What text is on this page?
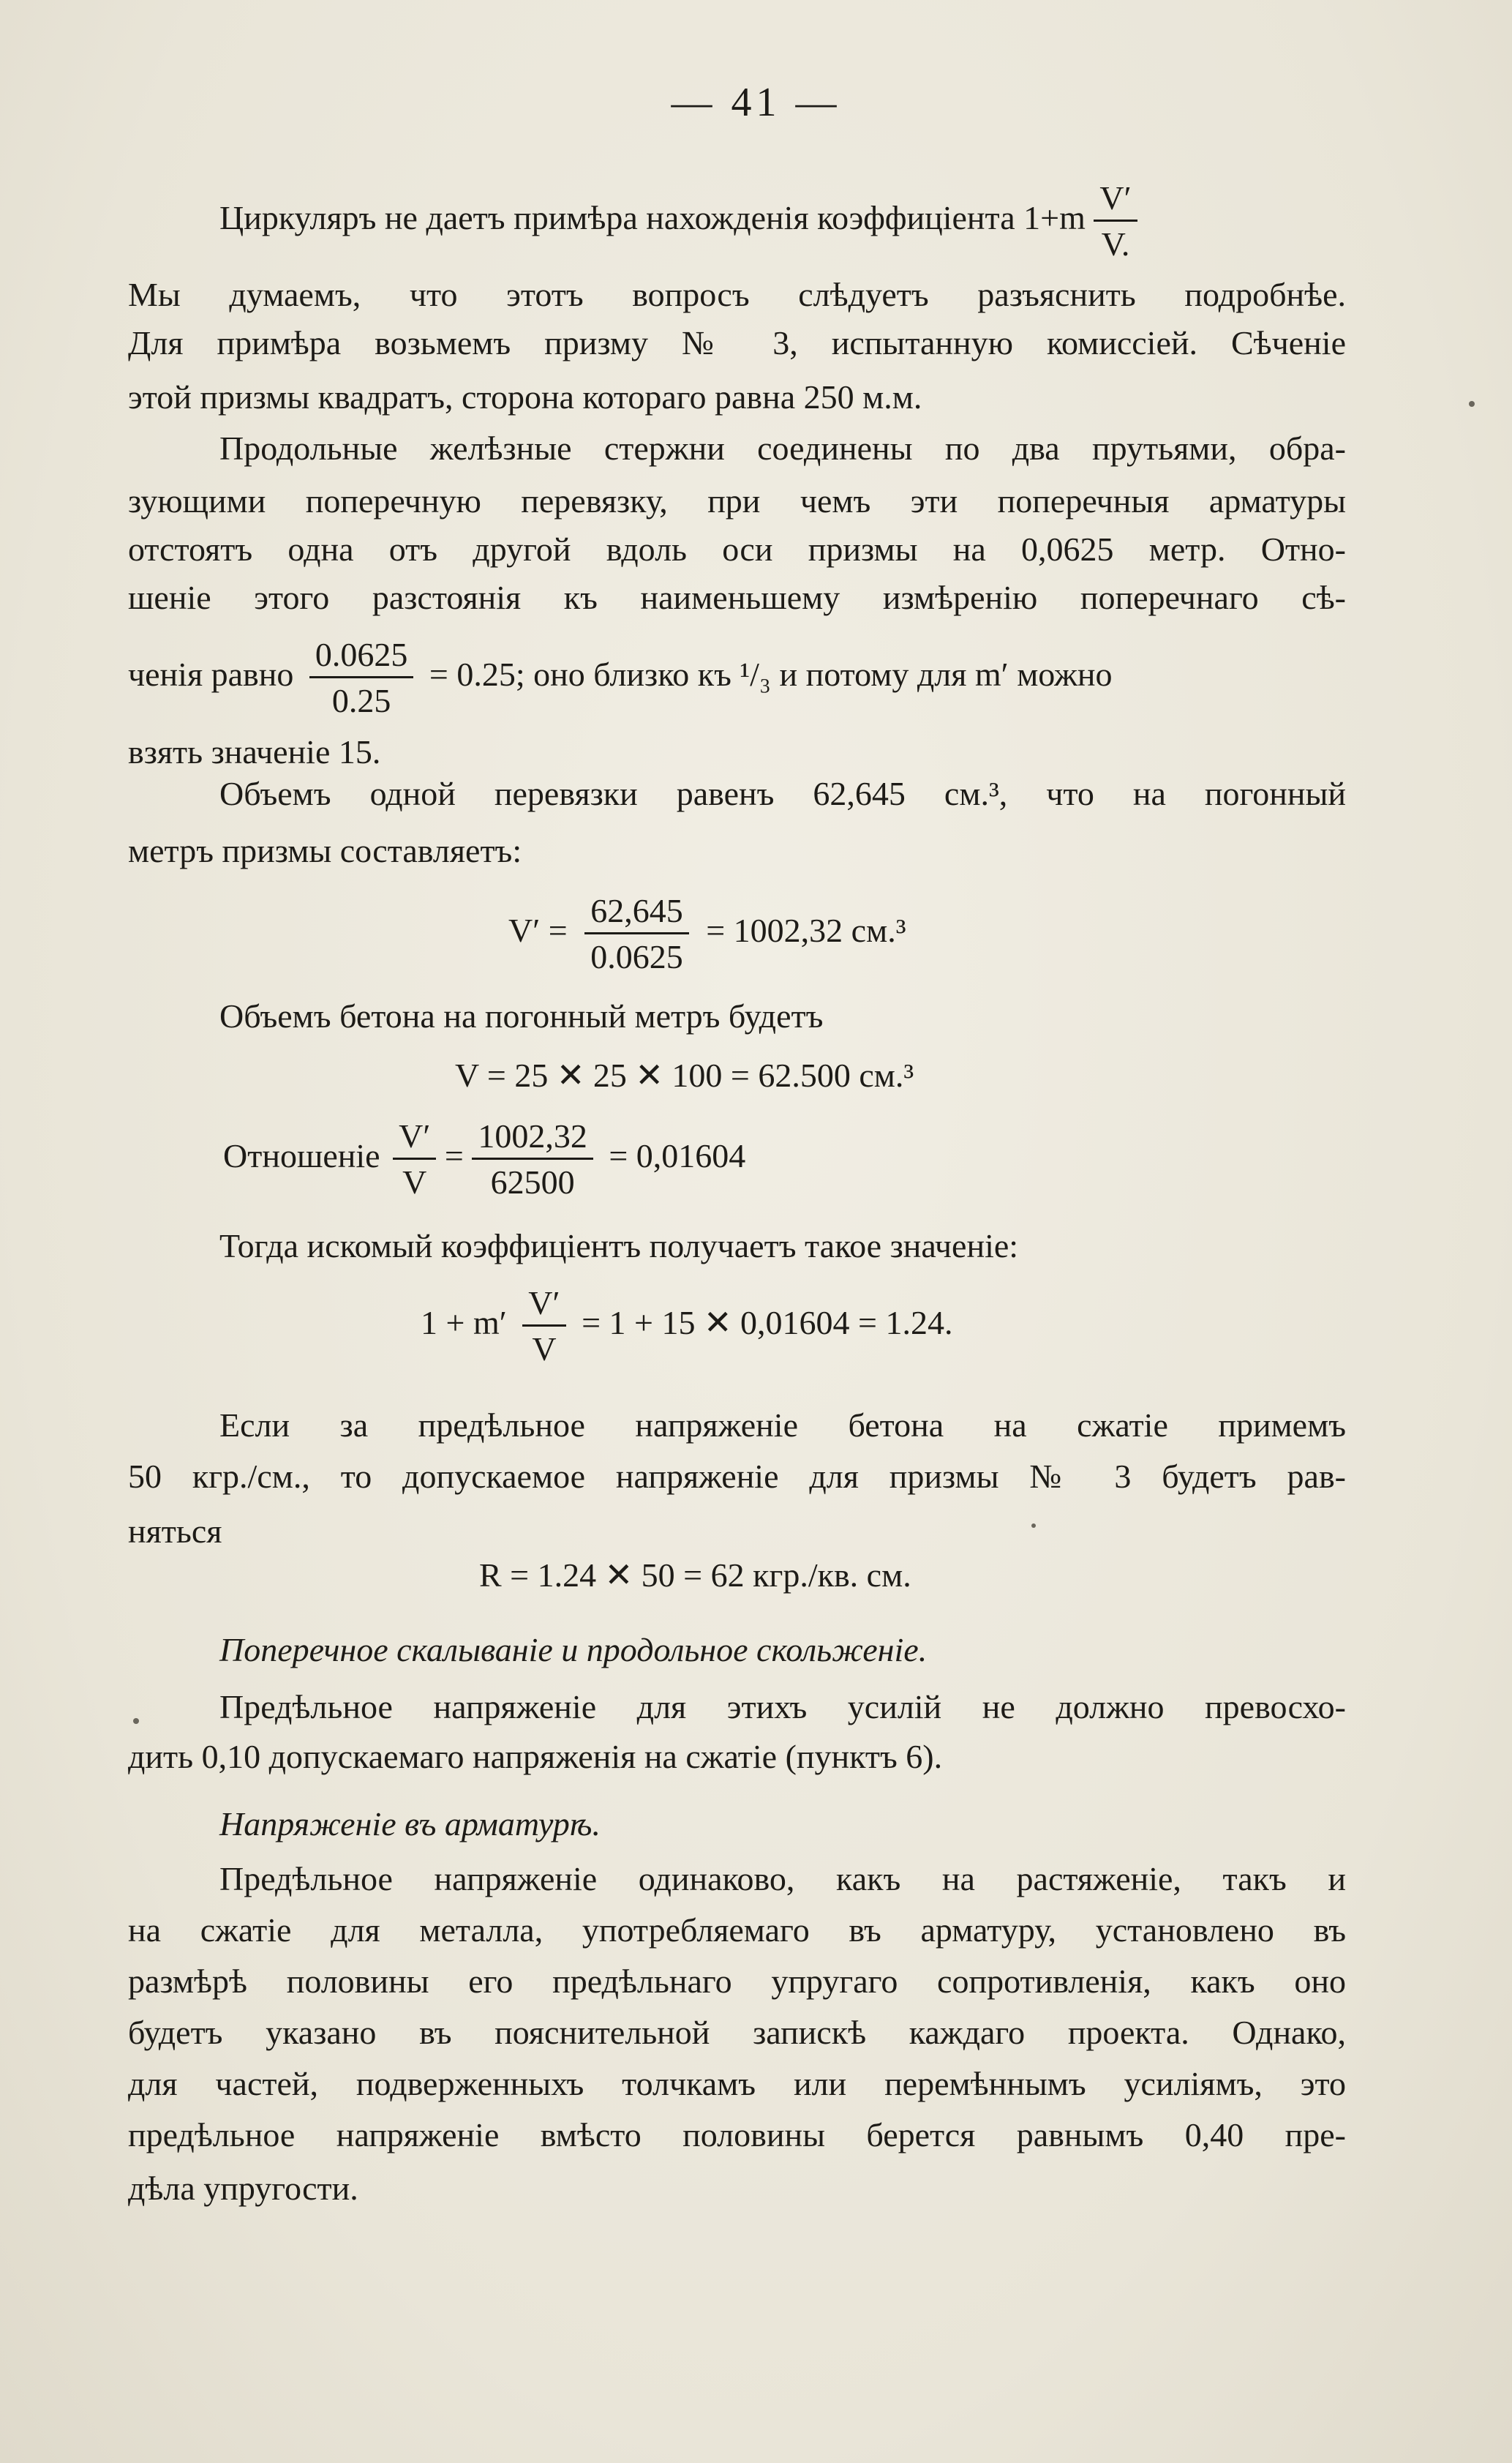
— 41 —
Циркуляръ не даетъ примѣра нахожденія коэффиціента $1+m \frac{V'}{V.}$
Мы думаемъ, что этотъ вопросъ слѣдуетъ разъяснить подробнѣе.
Для примѣра возьмемъ призму № 3, испытанную комиссіей. Сѣченіе
этой призмы квадратъ, сторона котораго равна 250 м.м.
Продольные желѣзные стержни соединены по два прутьями, обра-
зующими поперечную перевязку, при чемъ эти поперечныя арматуры
отстоятъ одна отъ другой вдоль оси призмы на 0,0625 метр. Отно-
шеніе этого разстоянія къ наименьшему измѣренію поперечнаго сѣ-
ченія равно $\frac{0.0625}{0.25} = 0.25$; оно близко къ ¹/₃ и потому для m′ можно
взять значеніе 15.
Объемъ одной перевязки равенъ 62,645 см.³, что на погонный
метръ призмы составляетъ:
$V' = \frac{62,645}{0.0625} = 1002,32$ см.³
Объемъ бетона на погонный метръ будетъ
V = 25 ✕ 25 ✕ 100 = 62.500 см.³
Отношеніе $\frac{V'}{V} = \frac{1002,32}{62500} = 0,01604$
Тогда искомый коэффиціентъ получаетъ такое значеніе:
$1 + m' \frac{V'}{V} = 1 + 15$ ✕ 0,01604 = 1.24.
Если за предѣльное напряженіе бетона на сжатіе примемъ
50 кгр./см., то допускаемое напряженіе для призмы № 3 будетъ рав-
няться
R = 1.24 ✕ 50 = 62 кгр./кв. см.
Поперечное скалываніе и продольное скольженіе.
Предѣльное напряженіе для этихъ усилій не должно превосхо-
дить 0,10 допускаемаго напряженія на сжатіе (пунктъ 6).
Напряженіе въ арматурѣ.
Предѣльное напряженіе одинаково, какъ на растяженіе, такъ и
на сжатіе для металла, употребляемаго въ арматуру, установлено въ
размѣрѣ половины его предѣльнаго упругаго сопротивленія, какъ оно
будетъ указано въ пояснительной запискѣ каждаго проекта. Однако,
для частей, подверженныхъ толчкамъ или перемѣннымъ усиліямъ, это
предѣльное напряженіе вмѣсто половины берется равнымъ 0,40 пре-
дѣла упругости.
